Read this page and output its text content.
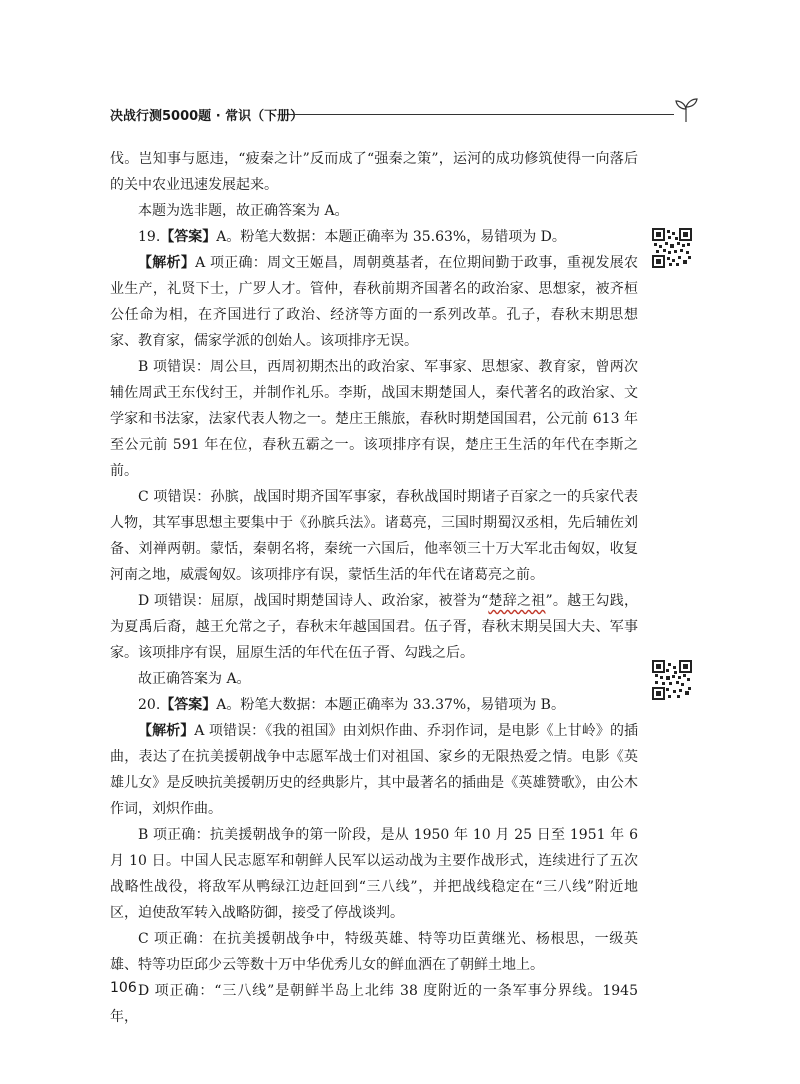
决战行测5000题 · 常识（下册）

伐。岂知事与愿违，“疲秦之计”反而成了“强秦之策”，运河的成功修筑使得一向落后的关中农业迅速发展起来。

本题为选非题，故正确答案为 A。

19.【答案】A。粉笔大数据：本题正确率为 35.63%，易错项为 D。

【解析】A 项正确：周文王姬昌，周朝奠基者，在位期间勤于政事，重视发展农业生产，礼贤下士，广罗人才。管仲，春秋前期齐国著名的政治家、思想家，被齐桓公任命为相，在齐国进行了政治、经济等方面的一系列改革。孔子，春秋末期思想家、教育家，儒家学派的创始人。该项排序无误。

B 项错误：周公旦，西周初期杰出的政治家、军事家、思想家、教育家，曾两次辅佐周武王东伐纣王，并制作礼乐。李斯，战国末期楚国人，秦代著名的政治家、文学家和书法家，法家代表人物之一。楚庄王熊旅，春秋时期楚国国君，公元前 613 年至公元前 591 年在位，春秋五霸之一。该项排序有误，楚庄王生活的年代在李斯之前。

C 项错误：孙膑，战国时期齐国军事家，春秋战国时期诸子百家之一的兵家代表人物，其军事思想主要集中于《孙膑兵法》。诸葛亮，三国时期蜀汉丞相，先后辅佐刘备、刘禅两朝。蒙恬，秦朝名将，秦统一六国后，他率领三十万大军北击匈奴，收复河南之地，威震匈奴。该项排序有误，蒙恬生活的年代在诸葛亮之前。

D 项错误：屈原，战国时期楚国诗人、政治家，被誉为“楚辞之祖”。越王勾践，为夏禹后裔，越王允常之子，春秋末年越国国君。伍子胥，春秋末期吴国大夫、军事家。该项排序有误，屈原生活的年代在伍子胥、勾践之后。

故正确答案为 A。

20.【答案】A。粉笔大数据：本题正确率为 33.37%，易错项为 B。

【解析】A 项错误：《我的祖国》由刘炽作曲、乔羽作词，是电影《上甘岭》的插曲，表达了在抗美援朝战争中志愿军战士们对祖国、家乡的无限热爱之情。电影《英雄儿女》是反映抗美援朝历史的经典影片，其中最著名的插曲是《英雄赞歌》，由公木作词，刘炽作曲。

B 项正确：抗美援朝战争的第一阶段，是从 1950 年 10 月 25 日至 1951 年 6 月 10 日。中国人民志愿军和朝鲜人民军以运动战为主要作战形式，连续进行了五次战略性战役，将敌军从鸭绿江边赶回到“三八线”，并把战线稳定在“三八线”附近地区，迫使敌军转入战略防御，接受了停战谈判。

C 项正确：在抗美援朝战争中，特级英雄、特等功臣黄继光、杨根思，一级英雄、特等功臣邱少云等数十万中华优秀儿女的鲜血洒在了朝鲜土地上。

D 项正确：“三八线”是朝鲜半岛上北纬 38 度附近的一条军事分界线。1945 年，

106
